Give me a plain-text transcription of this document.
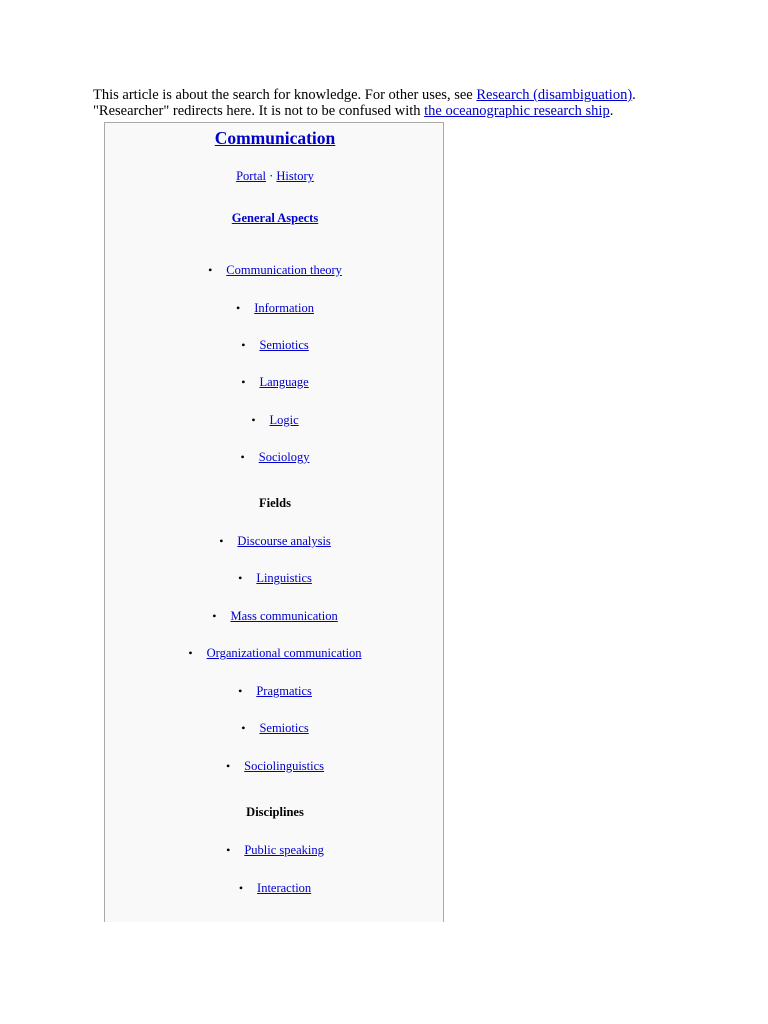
This article is about the search for knowledge. For other uses, see Research (disambiguation).
"Researcher" redirects here. It is not to be confused with the oceanographic research ship.
Communication
Portal · History
General Aspects
• Communication theory
• Information
• Semiotics
• Language
• Logic
• Sociology
Fields
• Discourse analysis
• Linguistics
• Mass communication
• Organizational communication
• Pragmatics
• Semiotics
• Sociolinguistics
Disciplines
• Public speaking
• Interaction
